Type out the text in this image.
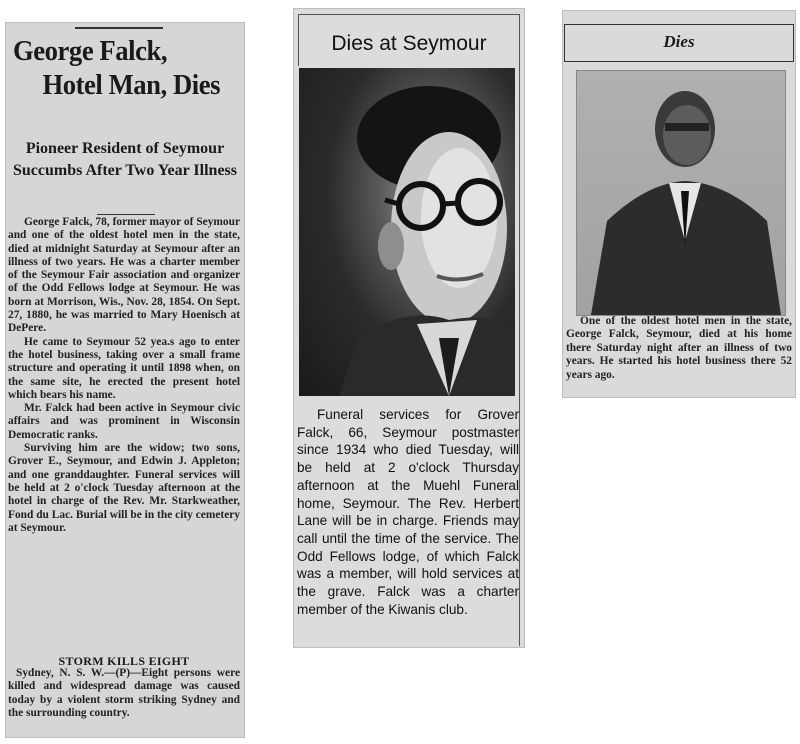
George Falck,
Hotel Man, Dies
Pioneer Resident of Seymour Succumbs After Two Year Illness

George Falck, 78, former mayor of Seymour and one of the oldest hotel men in the state, died at midnight Saturday at Seymour after an illness of two years. He was a charter member of the Seymour Fair association and organizer of the Odd Fellows lodge at Seymour. He was born at Morrison, Wis., Nov. 28, 1854. On Sept. 27, 1880, he was married to Mary Hoenisch at DePere.

He came to Seymour 52 yea.s ago to enter the hotel business, taking over a small frame structure and operating it until 1898 when, on the same site, he erected the present hotel which bears his name.

Mr. Falck had been active in Seymour civic affairs and was prominent in Wisconsin Democratic ranks.

Surviving him are the widow; two sons, Grover E., Seymour, and Edwin J. Appleton; and one granddaughter. Funeral services will be held at 2 o'clock Tuesday afternoon at the hotel in charge of the Rev. Mr. Starkweather, Fond du Lac. Burial will be in the city cemetery at Seymour.

STORM KILLS EIGHT

Sydney, N. S. W.—(P)—Eight persons were killed and widespread damage was caused today by a violent storm striking Sydney and the surrounding country.

Dies at Seymour

Funeral services for Grover Falck, 66, Seymour postmaster since 1934 who died Tuesday, will be held at 2 o'clock Thursday afternoon at the Muehl Funeral home, Seymour. The Rev. Herbert Lane will be in charge. Friends may call until the time of the service. The Odd Fellows lodge, of which Falck was a member, will hold services at the grave. Falck was a charter member of the Kiwanis club.

Dies

One of the oldest hotel men in the state, George Falck, Seymour, died at his home there Saturday night after an illness of two years. He started his hotel business there 52 years ago.
